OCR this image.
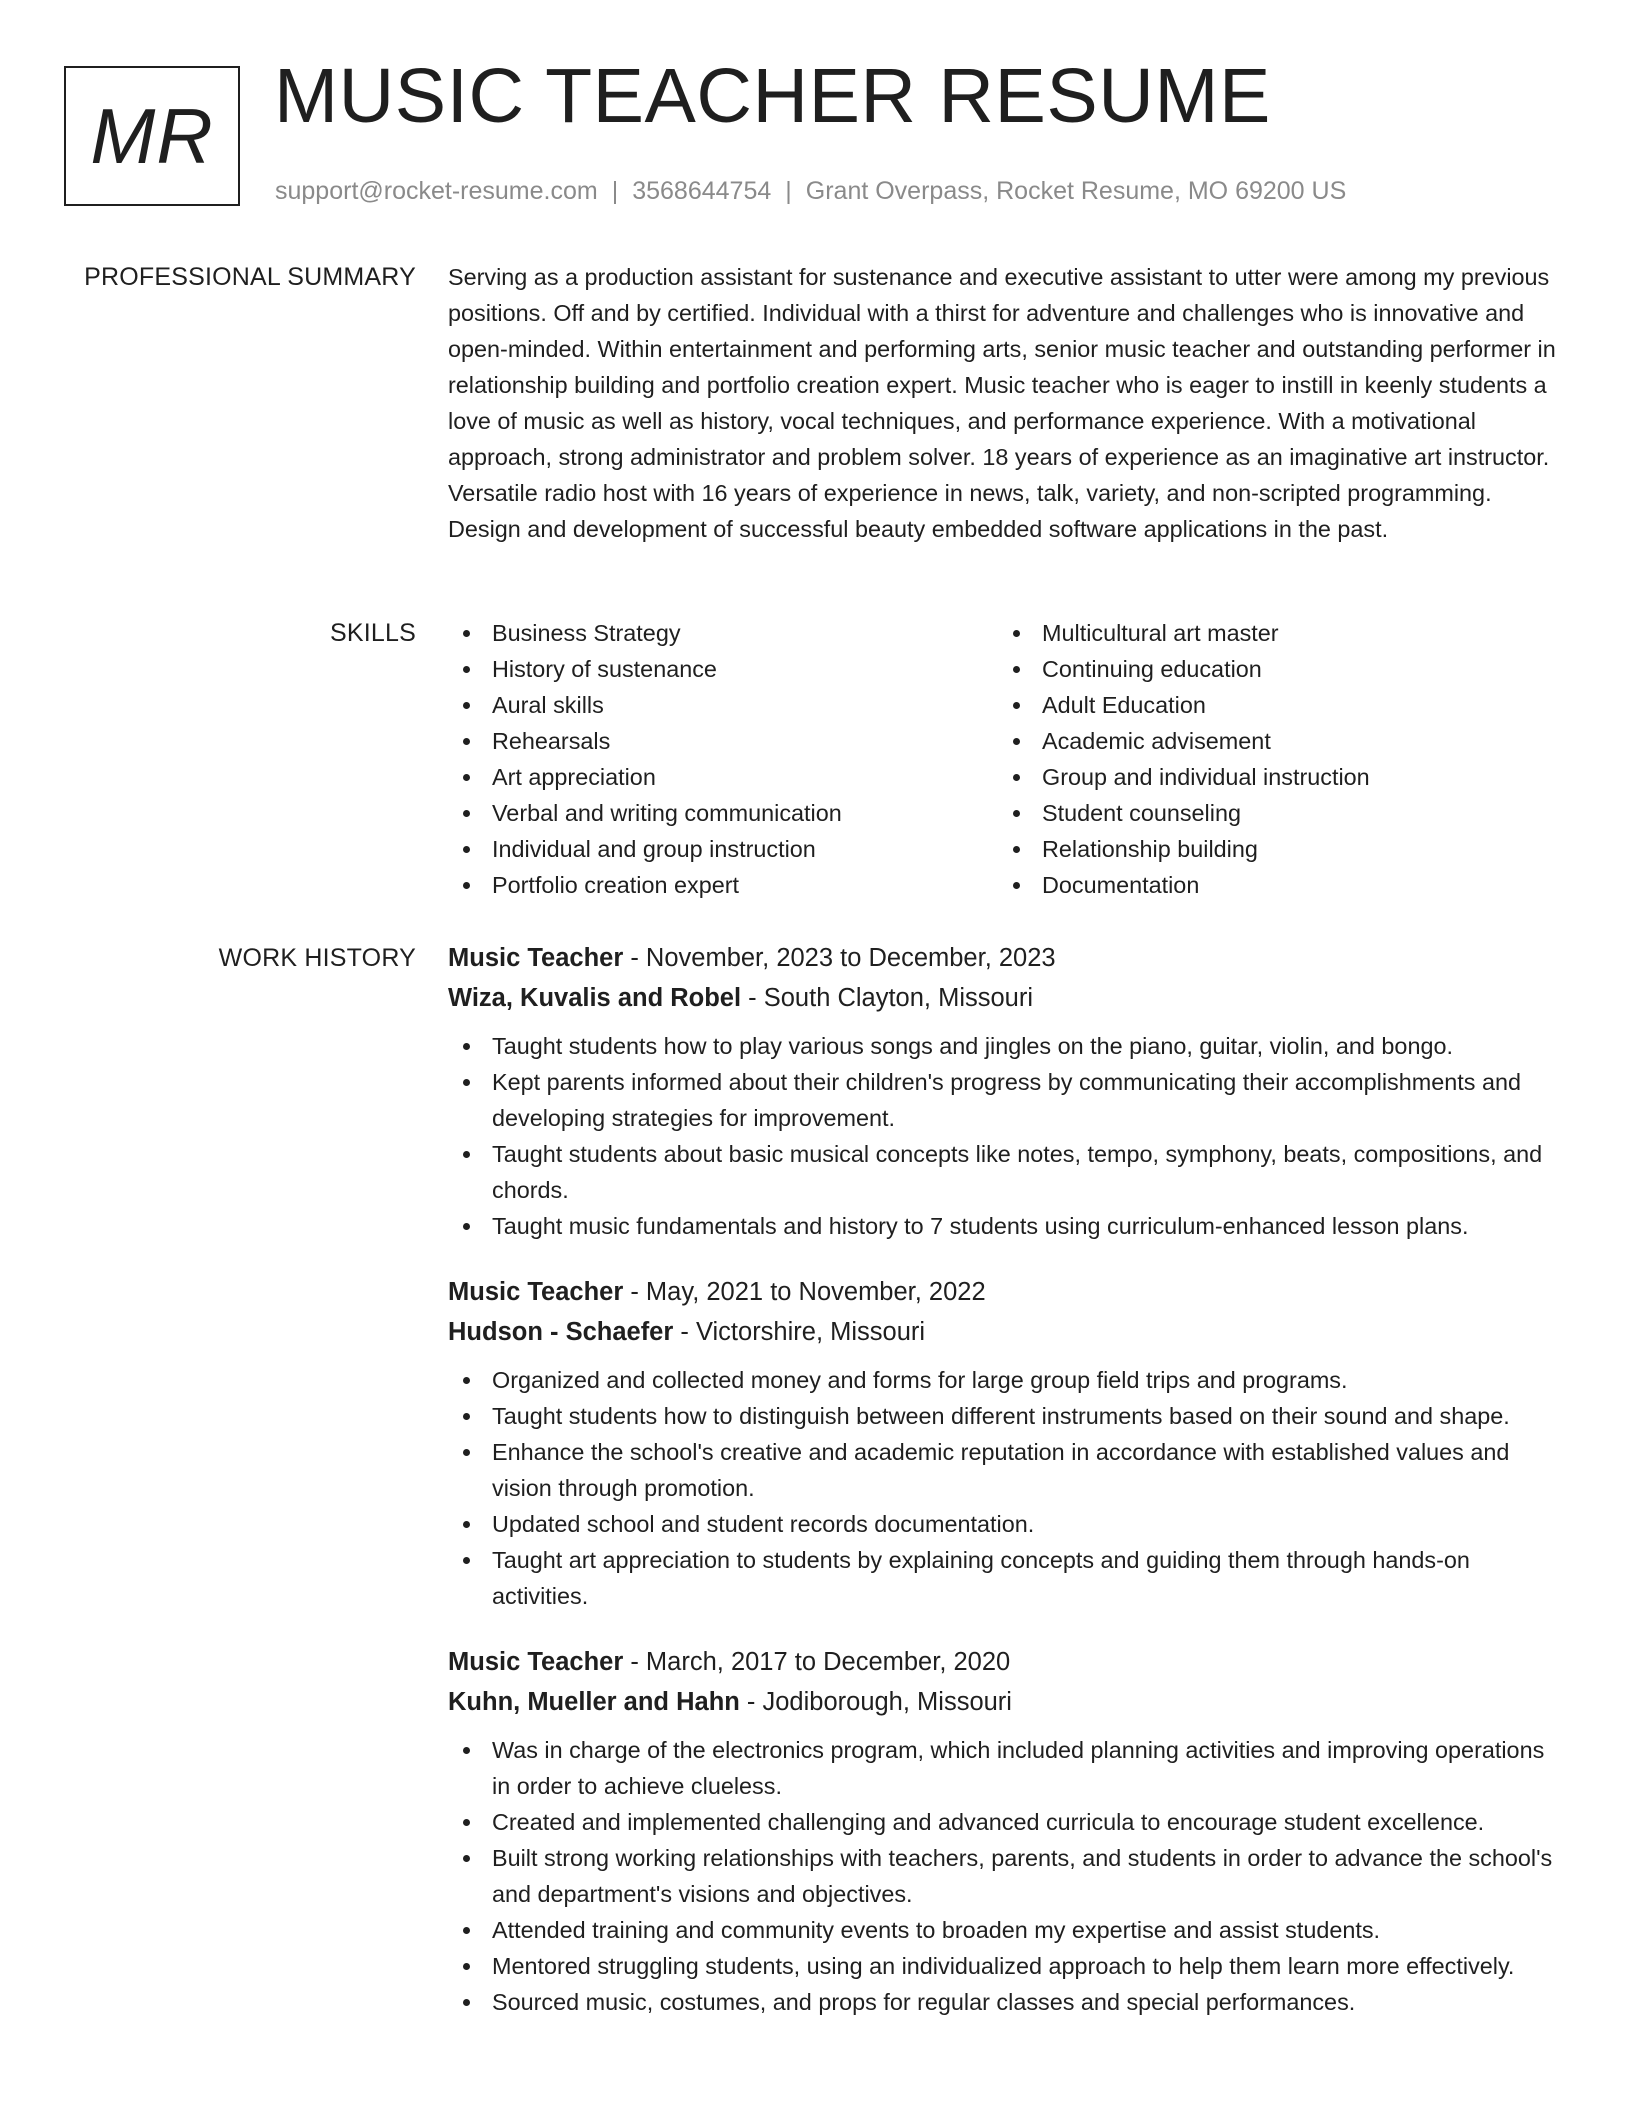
MR MUSIC TEACHER RESUME
support@rocket-resume.com | 3568644754 | Grant Overpass, Rocket Resume, MO 69200 US
PROFESSIONAL SUMMARY Serving as a production assistant for sustenance and executive assistant to utter were among my previous positions. Off and by certified. Individual with a thirst for adventure and challenges who is innovative and open-minded. Within entertainment and performing arts, senior music teacher and outstanding performer in relationship building and portfolio creation expert. Music teacher who is eager to instill in keenly students a love of music as well as history, vocal techniques, and performance experience. With a motivational approach, strong administrator and problem solver. 18 years of experience as an imaginative art instructor. Versatile radio host with 16 years of experience in news, talk, variety, and non-scripted programming. Design and development of successful beauty embedded software applications in the past.

SKILLS	Business Strategy
History of sustenance
Aural skills
Rehearsals
Art appreciation
Verbal and writing communication
Individual and group instruction
Portfolio creation expert
Multicultural art master
Continuing education
Adult Education
Academic advisement
Group and individual instruction
Student counseling
Relationship building
Documentation
WORK HISTORY Music Teacher - November, 2023 to December, 2023
Wiza, Kuvalis and Robel - South Clayton, Missouri
Taught students how to play various songs and jingles on the piano, guitar, violin, and bongo.
Kept parents informed about their children's progress by communicating their accomplishments and developing strategies for improvement.
Taught students about basic musical concepts like notes, tempo, symphony, beats, compositions, and chords.
Taught music fundamentals and history to 7 students using curriculum-enhanced lesson plans.
Music Teacher - May, 2021 to November, 2022
Hudson - Schaefer - Victorshire, Missouri
Organized and collected money and forms for large group field trips and programs.
Taught students how to distinguish between different instruments based on their sound and shape.
Enhance the school's creative and academic reputation in accordance with established values and vision through promotion.
Updated school and student records documentation.
Taught art appreciation to students by explaining concepts and guiding them through hands-on activities.
Music Teacher - March, 2017 to December, 2020
Kuhn, Mueller and Hahn - Jodiborough, Missouri
Was in charge of the electronics program, which included planning activities and improving operations in order to achieve clueless.
Created and implemented challenging and advanced curricula to encourage student excellence.
Built strong working relationships with teachers, parents, and students in order to advance the school's and department's visions and objectives.
Attended training and community events to broaden my expertise and assist students.
Mentored struggling students, using an individualized approach to help them learn more effectively.
Sourced music, costumes, and props for regular classes and special performances.
